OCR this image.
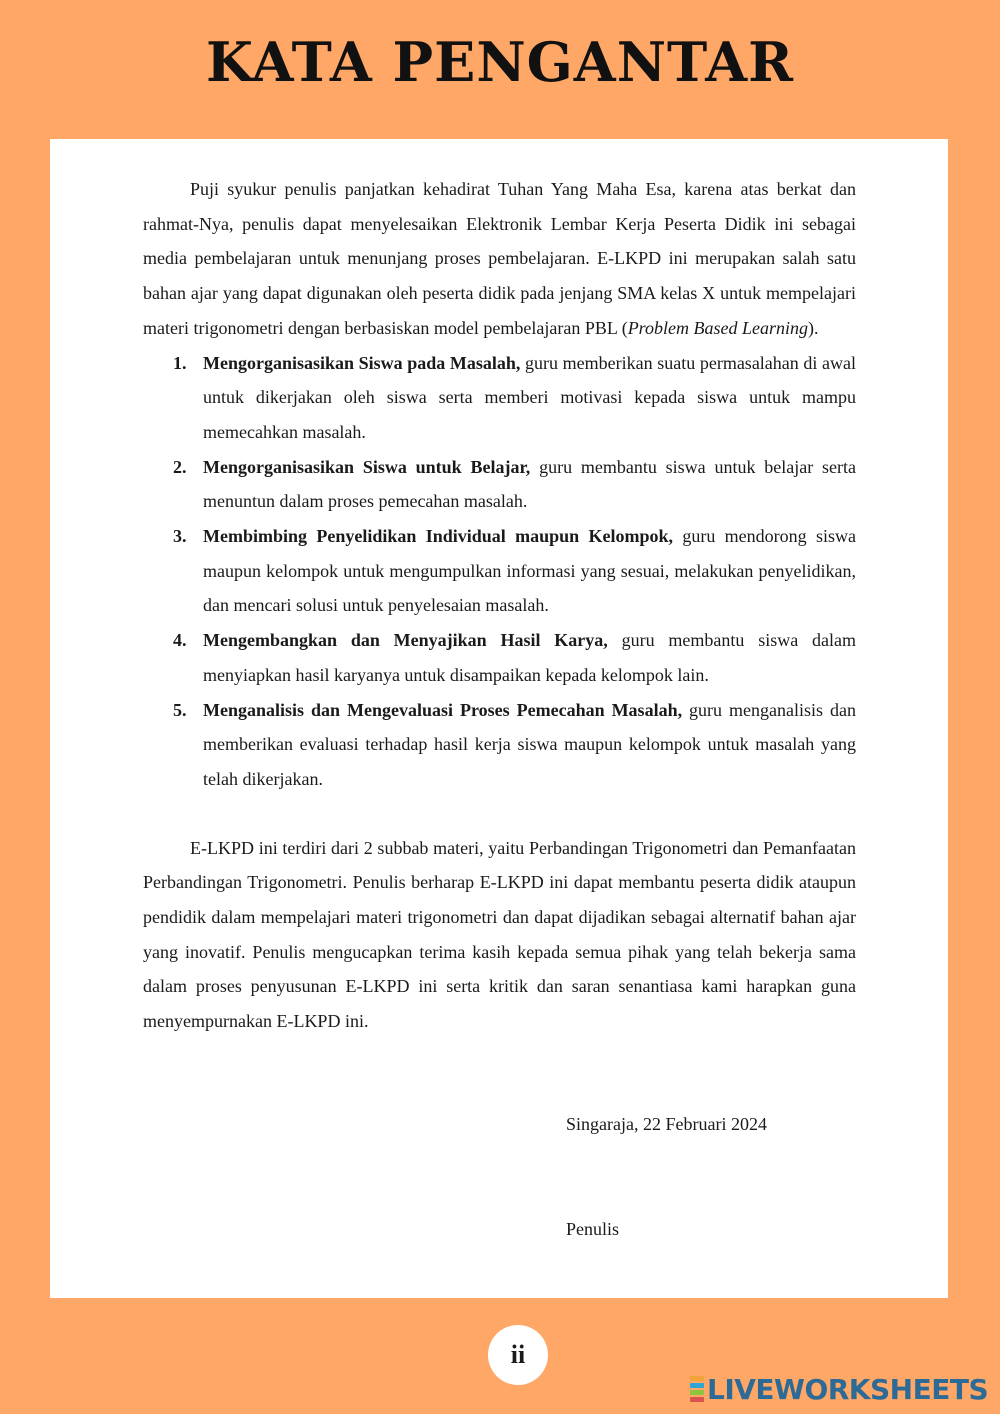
KATA PENGANTAR

Puji syukur penulis panjatkan kehadirat Tuhan Yang Maha Esa, karena atas berkat dan rahmat-Nya, penulis dapat menyelesaikan Elektronik Lembar Kerja Peserta Didik ini sebagai media pembelajaran untuk menunjang proses pembelajaran. E-LKPD ini merupakan salah satu bahan ajar yang dapat digunakan oleh peserta didik pada jenjang SMA kelas X untuk mempelajari materi trigonometri dengan berbasiskan model pembelajaran PBL (Problem Based Learning).

1. Mengorganisasikan Siswa pada Masalah, guru memberikan suatu permasalahan di awal untuk dikerjakan oleh siswa serta memberi motivasi kepada siswa untuk mampu memecahkan masalah.
2. Mengorganisasikan Siswa untuk Belajar, guru membantu siswa untuk belajar serta menuntun dalam proses pemecahan masalah.
3. Membimbing Penyelidikan Individual maupun Kelompok, guru mendorong siswa maupun kelompok untuk mengumpulkan informasi yang sesuai, melakukan penyelidikan, dan mencari solusi untuk penyelesaian masalah.
4. Mengembangkan dan Menyajikan Hasil Karya, guru membantu siswa dalam menyiapkan hasil karyanya untuk disampaikan kepada kelompok lain.
5. Menganalisis dan Mengevaluasi Proses Pemecahan Masalah, guru menganalisis dan memberikan evaluasi terhadap hasil kerja siswa maupun kelompok untuk masalah yang telah dikerjakan.

E-LKPD ini terdiri dari 2 subbab materi, yaitu Perbandingan Trigonometri dan Pemanfaatan Perbandingan Trigonometri. Penulis berharap E-LKPD ini dapat membantu peserta didik ataupun pendidik dalam mempelajari materi trigonometri dan dapat dijadikan sebagai alternatif bahan ajar yang inovatif. Penulis mengucapkan terima kasih kepada semua pihak yang telah bekerja sama dalam proses penyusunan E-LKPD ini serta kritik dan saran senantiasa kami harapkan guna menyempurnakan E-LKPD ini.

Singaraja, 22 Februari 2024
Penulis
ii
LIVEWORKSHEETS
